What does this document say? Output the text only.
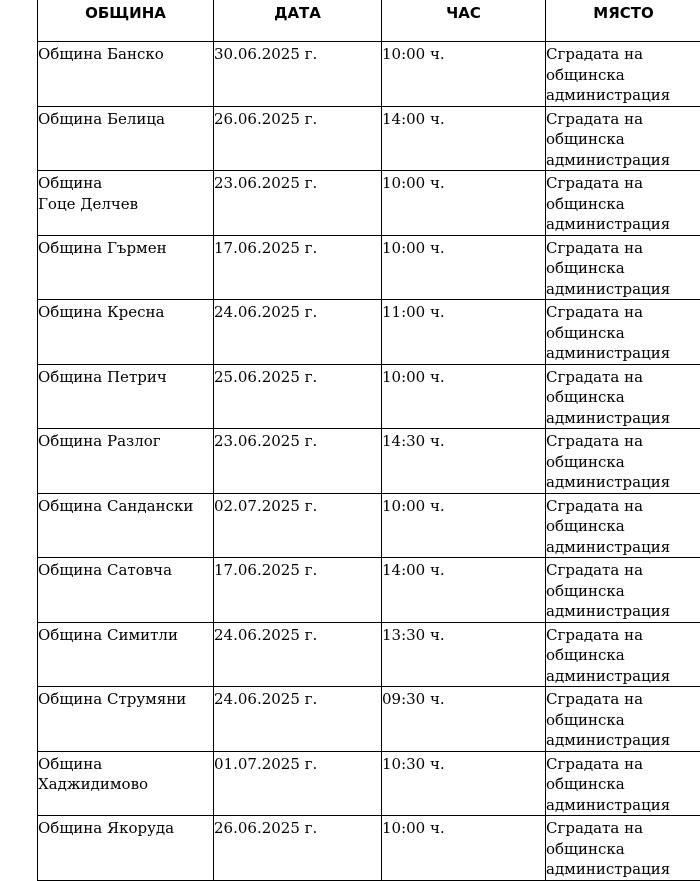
ОБЩИНА	ДАТА	ЧАС	МЯСТО
Община Банско	30.06.2025 г.	10:00 ч.	Сградата на
общинска
администрация
Община Белица	26.06.2025 г.	14:00 ч.	Сградата на
общинска
администрация
Община
Гоце Делчев	23.06.2025 г.	10:00 ч.	Сградата на
общинска
администрация
Община Гърмен	17.06.2025 г.	10:00 ч.	Сградата на
общинска
администрация
Община Кресна	24.06.2025 г.	11:00 ч.	Сградата на
общинска
администрация
Община Петрич	25.06.2025 г.	10:00 ч.	Сградата на
общинска
администрация
Община Разлог	23.06.2025 г.	14:30 ч.	Сградата на
общинска
администрация
Община Сандански	02.07.2025 г.	10:00 ч.	Сградата на
общинска
администрация
Община Сатовча	17.06.2025 г.	14:00 ч.	Сградата на
общинска
администрация
Община Симитли	24.06.2025 г.	13:30 ч.	Сградата на
общинска
администрация
Община Струмяни	24.06.2025 г.	09:30 ч.	Сградата на
общинска
администрация
Община
Хаджидимово	01.07.2025 г.	10:30 ч.	Сградата на
общинска
администрация
Община Якоруда	26.06.2025 г.	10:00 ч.	Сградата на
общинска
администрация
